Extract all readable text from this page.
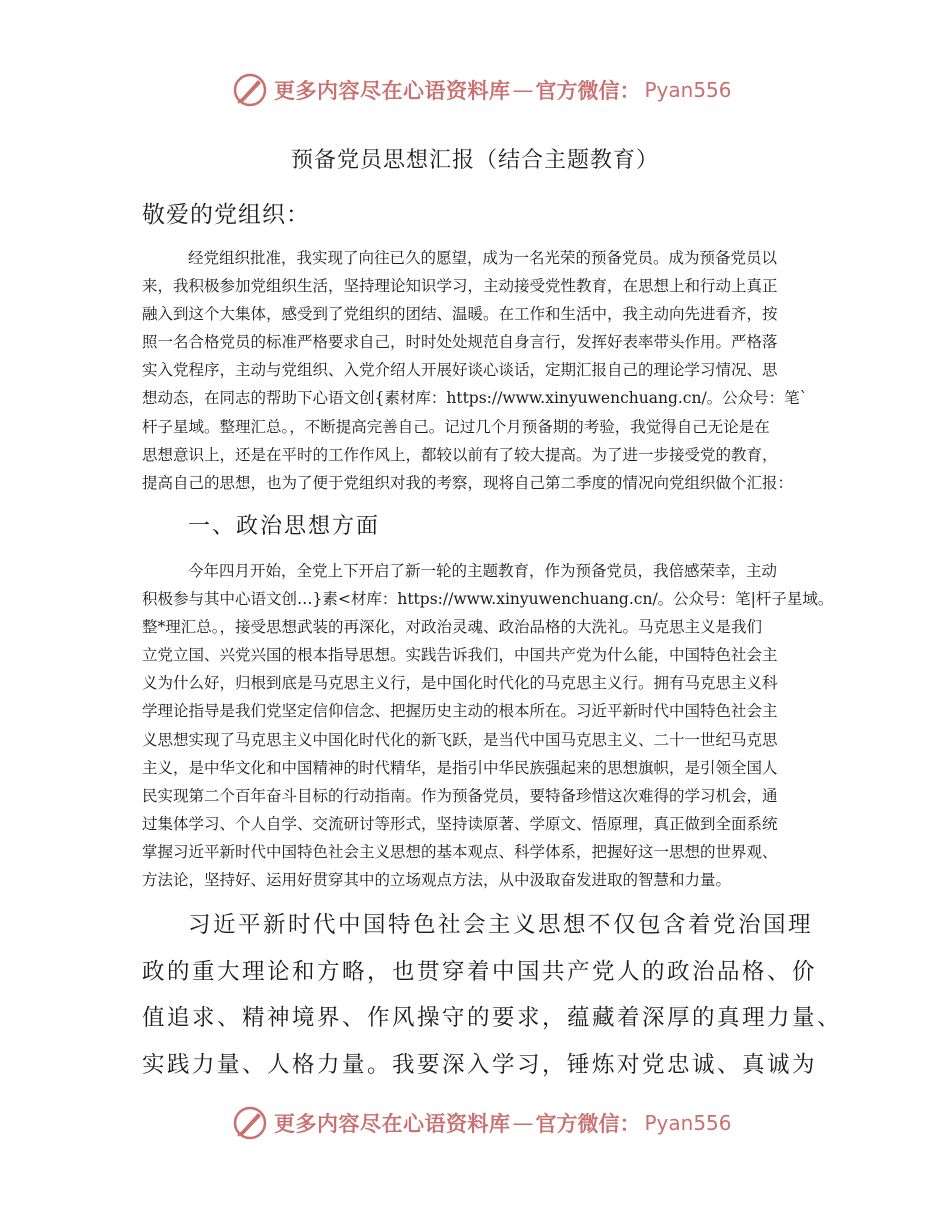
更多内容尽在心语资料库 — 官方微信： Pyan556
预备党员思想汇报（结合主题教育）
敬爱的党组织：
经党组织批准，我实现了向往已久的愿望，成为一名光荣的预备党员。成为预备党员以
来，我积极参加党组织生活，坚持理论知识学习，主动接受党性教育，在思想上和行动上真正
融入到这个大集体，感受到了党组织的团结、温暖。在工作和生活中，我主动向先进看齐，按
照一名合格党员的标准严格要求自己，时时处处规范自身言行，发挥好表率带头作用。严格落
实入党程序，主动与党组织、入党介绍人开展好谈心谈话，定期汇报自己的理论学习情况、思
想动态，在同志的帮助下心语文创{素材库：https://www.xinyuwenchuang.cn/。公众号：笔`
杆子星域。整理汇总。，不断提高完善自己。记过几个月预备期的考验，我觉得自己无论是在
思想意识上，还是在平时的工作作风上，都较以前有了较大提高。为了进一步接受党的教育，
提高自己的思想，也为了便于党组织对我的考察，现将自己第二季度的情况向党组织做个汇报：
一、政治思想方面
今年四月开始，全党上下开启了新一轮的主题教育，作为预备党员，我倍感荣幸，主动
积极参与其中心语文创…}素<材库：https://www.xinyuwenchuang.cn/。公众号：笔|杆子星域。
整*理汇总。，接受思想武装的再深化，对政治灵魂、政治品格的大洗礼。马克思主义是我们
立党立国、兴党兴国的根本指导思想。实践告诉我们，中国共产党为什么能，中国特色社会主
义为什么好，归根到底是马克思主义行，是中国化时代化的马克思主义行。拥有马克思主义科
学理论指导是我们党坚定信仰信念、把握历史主动的根本所在。习近平新时代中国特色社会主
义思想实现了马克思主义中国化时代化的新飞跃，是当代中国马克思主义、二十一世纪马克思
主义，是中华文化和中国精神的时代精华，是指引中华民族强起来的思想旗帜，是引领全国人
民实现第二个百年奋斗目标的行动指南。作为预备党员，要特备珍惜这次难得的学习机会，通
过集体学习、个人自学、交流研讨等形式，坚持读原著、学原文、悟原理，真正做到全面系统
掌握习近平新时代中国特色社会主义思想的基本观点、科学体系，把握好这一思想的世界观、
方法论，坚持好、运用好贯穿其中的立场观点方法，从中汲取奋发进取的智慧和力量。
习近平新时代中国特色社会主义思想不仅包含着党治国理
政的重大理论和方略，也贯穿着中国共产党人的政治品格、价
值追求、精神境界、作风操守的要求，蕴藏着深厚的真理力量、
实践力量、人格力量。我要深入学习，锤炼对党忠诚、真诚为
更多内容尽在心语资料库 — 官方微信： Pyan556
